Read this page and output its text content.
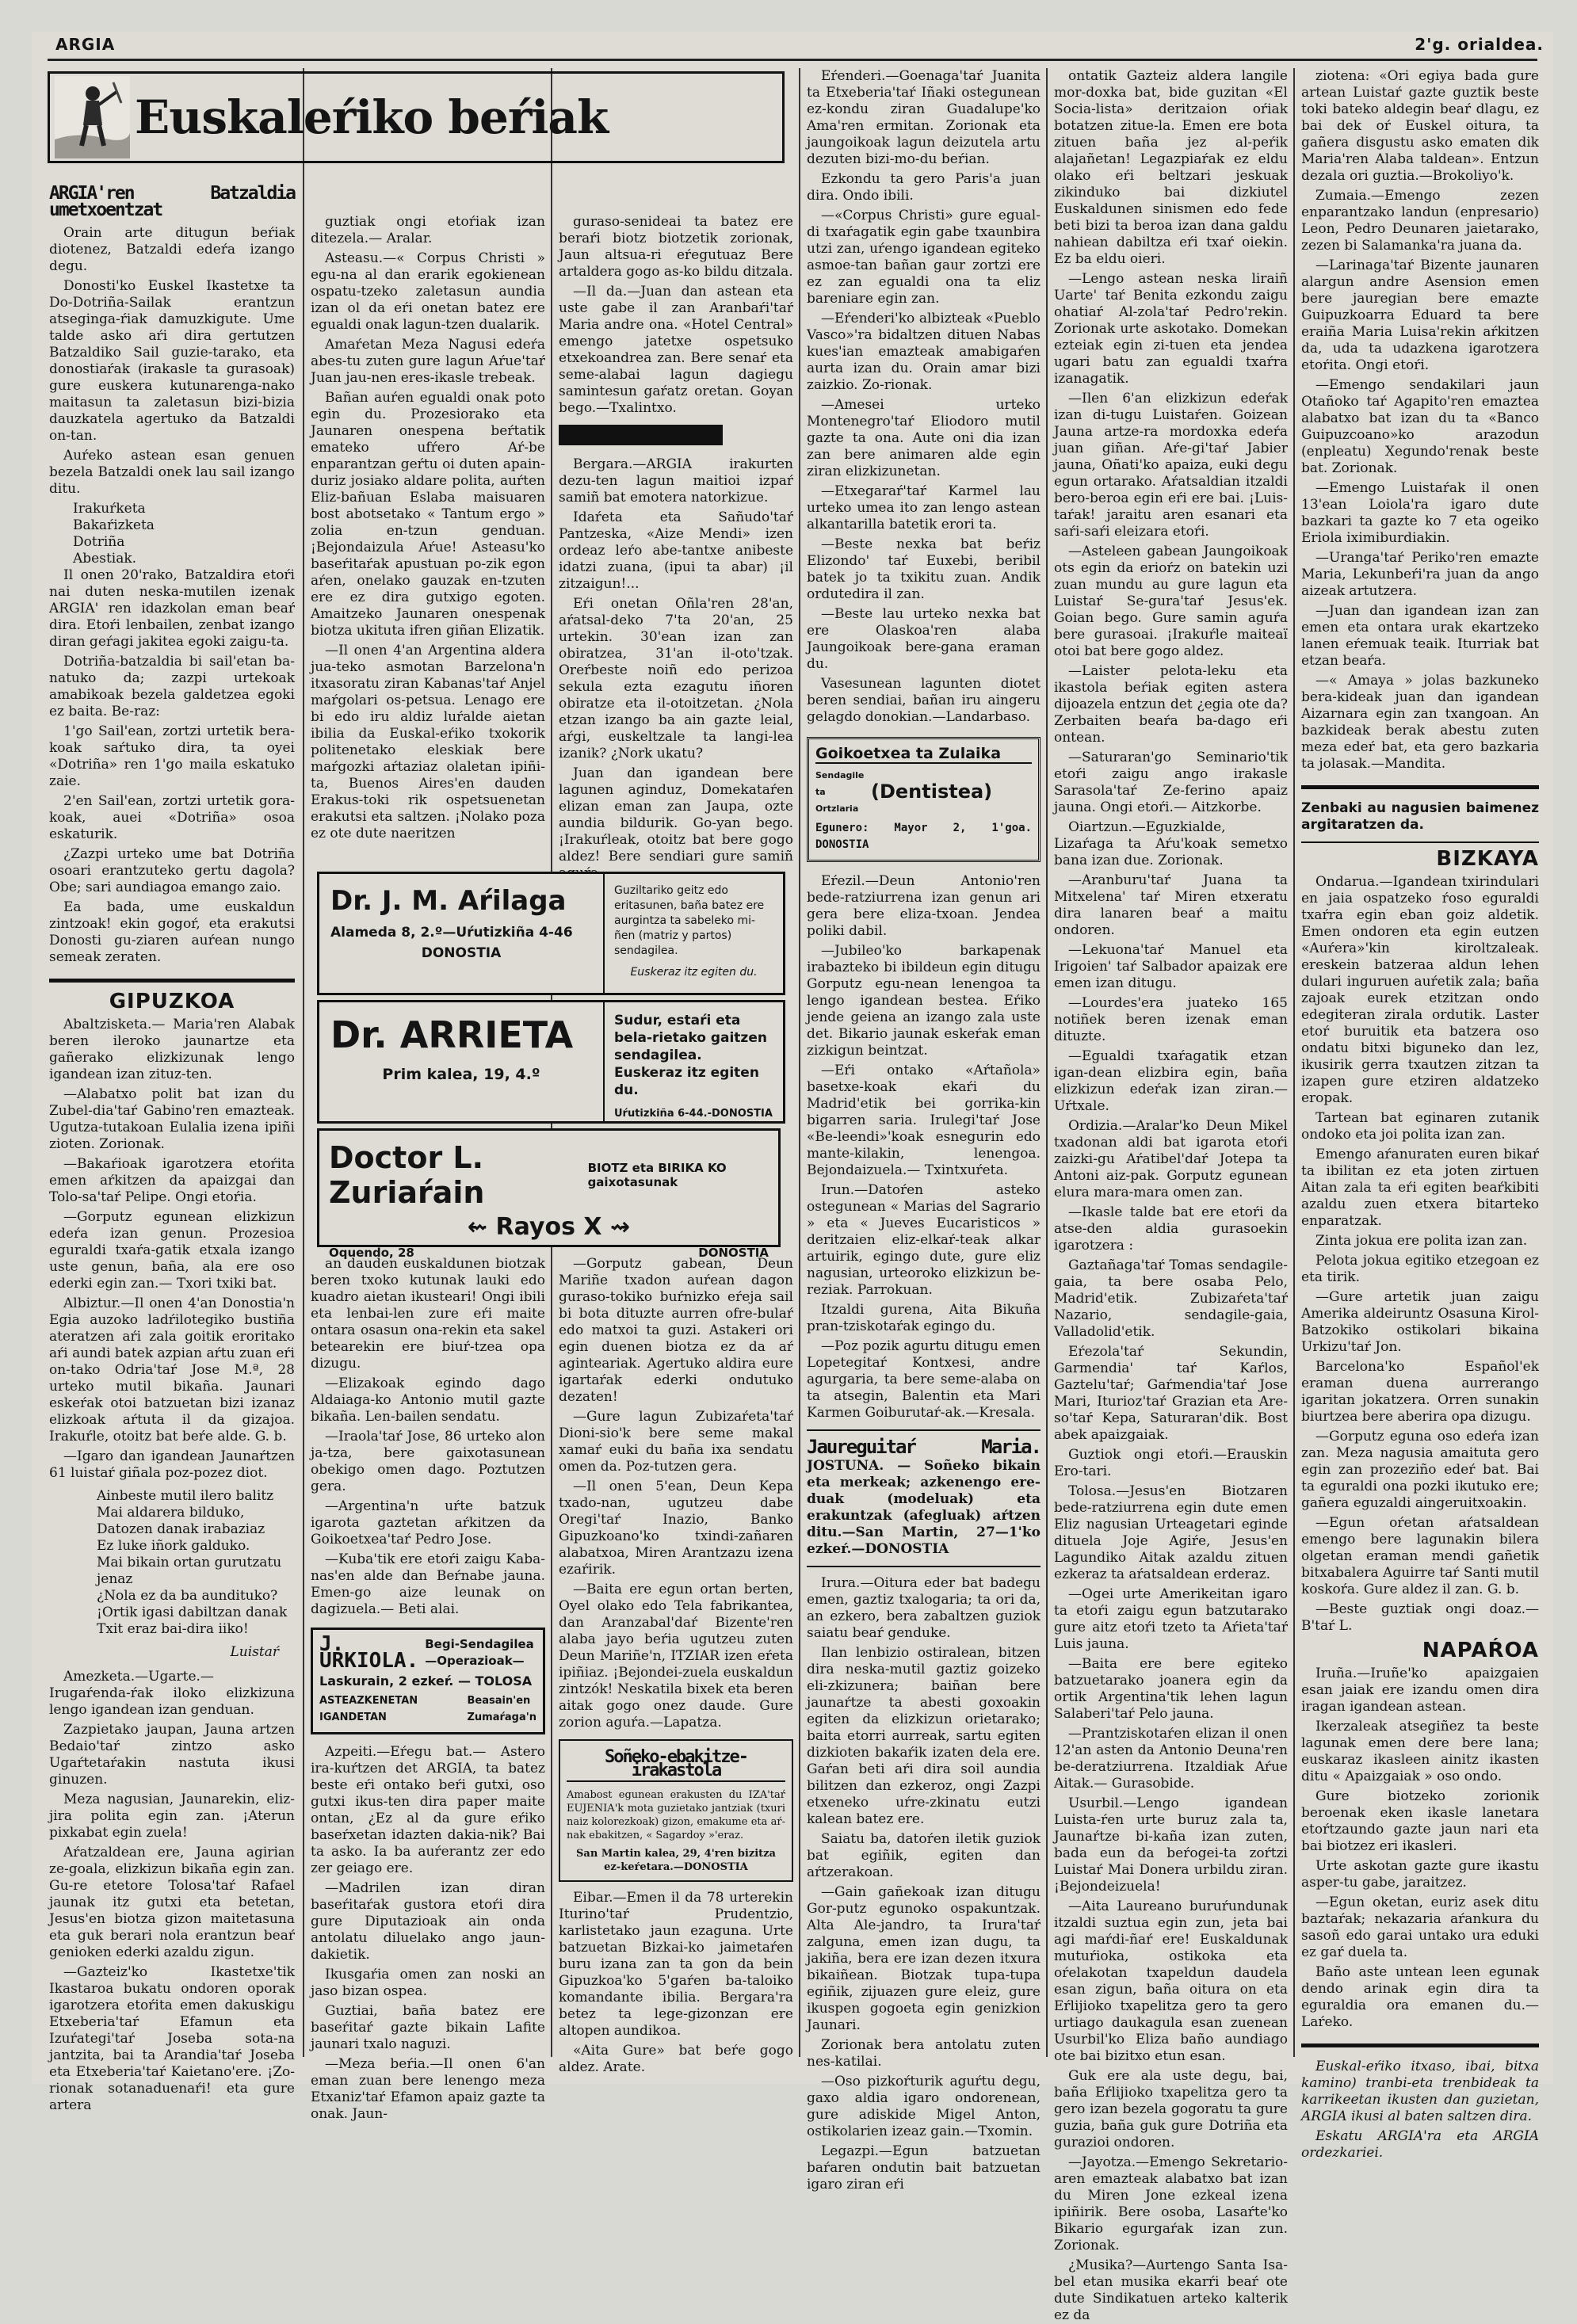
ARGIA	2'g. orialdea.
Euskaleŕiko beŕiak
ARGIA'ren Batzaldia umetxoentzat

Orain arte ditugun beŕiak diotenez, Batzaldi edeŕa izango degu.

Donosti'ko Euskel Ikastetxe ta Do-Dotriña-Sailak erantzun atseginga-ŕiak damuzkigute. Ume talde asko aŕi dira gertutzen Batzaldiko Sail guzie-tarako, eta donostiaŕak (irakasle ta gurasoak) gure euskera kutunarenga-nako maitasun ta zaletasun bizi-bizia dauzkatela agertuko da Batzaldi on-tan.

Auŕeko astean esan genuen bezela Batzaldi onek lau sail izango ditu.

Irakuŕketa
Bakaŕizketa
Dotriña
Abestiak.

Il onen 20'rako, Batzaldira etoŕi nai duten neska-mutilen izenak ARGIA' ren idazkolan eman beaŕ dira. Etoŕi lenbailen, zenbat izango diran geŕagi jakitea egoki zaigu-ta.

Dotriña-batzaldia bi sail'etan ba-natuko da; zazpi urtekoak amabikoak bezela galdetzea egoki ez baita. Be-raz:

1'go Sail'ean, zortzi urtetik bera-koak saŕtuko dira, ta oyei «Dotriña» ren 1'go maila eskatuko zaie.

2'en Sail'ean, zortzi urtetik gora-koak, auei «Dotriña» osoa eskaturik.

¿Zazpi urteko ume bat Dotriña osoari erantzuteko gertu dagola? Obe; sari aundiagoa emango zaio.

Ea bada, ume euskaldun zintzoak! ekin gogoŕ, eta erakutsi Donosti gu-ziaren auŕean nungo semeak zeraten.

GIPUZKOA

Abaltzisketa.— Maria'ren Alabak beren ileroko jaunartze eta gañerako elizkizunak lengo igandean izan zituz-ten.

—Alabatxo polit bat izan du Zubel-dia'taŕ Gabino'ren emazteak. Ugutza-tutakoan Eulalia izena ipiñi zioten. Zorionak.

—Bakaŕioak igarotzera etoŕita emen aŕkitzen da apaizgai dan Tolo-sa'taŕ Pelipe. Ongi etoŕia.

—Gorputz egunean elizkizun edeŕa izan genun. Prozesioa eguraldi txaŕa-gatik etxala izango uste genun, baña, ala ere oso ederki egin zan.— Txori txiki bat.

Albiztur.—Il onen 4'an Donostia'n Egia auzoko ladŕilotegiko bustiña ateratzen aŕi zala goitik eroritako aŕi aundi batek azpian aŕtu zuan eŕi on-tako Odria'taŕ Jose M.ª, 28 urteko mutil bikaña. Jaunari eskeŕak otoi batzuetan bizi izanaz elizkoak aŕtuta il da gizajoa. Irakuŕle, otoitz bat beŕe alde. G. b.

—Igaro dan igandean Jaunaŕtzen 61 luistaŕ giñala poz-pozez diot.

Ainbeste mutil ilero balitz
Mai aldarera bilduko,
Datozen danak irabaziaz
Ez luke iñork galduko.
Mai bikain ortan gurutzatu jenaz
¿Nola ez da ba aundituko?
¡Ortik igasi dabiltzan danak
Txit eraz bai-dira iiko!
Luistaŕ

Amezketa.—Ugarte.—Irugaŕenda-ŕak iloko elizkizuna lengo igandean izan genduan.

Zazpietako jaupan, Jauna artzen Bedaio'taŕ zintzo asko Ugaŕtetaŕakin nastuta ikusi ginuzen.

Meza nagusian, Jaunarekin, eliz-jira polita egin zan. ¡Aterun pixkabat egin zuela!

Aŕatzaldean ere, Jauna agirian ze-goala, elizkizun bikaña egin zan. Gu-re etetore Tolosa'taŕ Rafael jaunak itz gutxi eta betetan, Jesus'en biotza gizon maitetasuna eta guk berari nola erantzun beaŕ genioken ederki azaldu zigun.

—Gazteiz'ko Ikastetxe'tik Ikastaroa bukatu ondoren oporak igarotzera etoŕita emen dakuskigu Etxeberia'taŕ Efamun eta Izuŕategi'taŕ Joseba sota-na jantzita, bai ta Arandia'taŕ Joseba eta Etxeberia'taŕ Kaietano'ere. ¡Zo-rionak sotanaduenaŕi! eta gure artera

guztiak ongi etoŕiak izan ditezela.— Aralar.

Asteasu.—« Corpus Christi » egu-na al dan erarik egokienean ospatu-tzeko zaletasun aundia izan ol da eŕi onetan batez ere egualdi onak lagun-tzen dualarik.

Amaŕetan Meza Nagusi edeŕa abes-tu zuten gure lagun Aŕue'taŕ Juan jau-nen eres-ikasle trebeak.

Bañan auŕen egualdi onak poto egin du. Prozesiorako eta Jaunaren onespena beŕtatik emateko ufŕero Aŕ-be enparantzan geŕtu oi duten apain-duriz josiako aldare polita, auŕten Eliz-bañuan Eslaba maisuaren bost abotsetako « Tantum ergo » zolia en-tzun genduan. ¡Bejondaizula Aŕue! Asteasu'ko baseŕitaŕak apustuan po-zik egon aŕen, onelako gauzak en-tzuten ere ez dira gutxigo egoten. Amaitzeko Jaunaren onespenak biotza ukituta ifren giñan Elizatik.

—Il onen 4'an Argentina aldera jua-teko asmotan Barzelona'n itxasoratu ziran Kabanas'taŕ Anjel maŕgolari os-petsua. Lenago ere bi edo iru aldiz luŕalde aietan ibilia da Euskal-eŕiko txokorik politenetako eleskiak bere maŕgozki aŕtaziaz olaletan ipiñi-ta, Buenos Aires'en dauden Erakus-toki rik ospetsuenetan erakutsi eta saltzen. ¡Nolako poza ez ote dute naeritzen

guraso-senideai ta batez ere beraŕi biotz biotzetik zorionak, Jaun altsua-ri eŕegutuaz Bere artaldera gogo as-ko bildu ditzala.

—Il da.—Juan dan astean eta uste gabe il zan Aranbaŕi'taŕ Maria andre ona. «Hotel Central» emengo jatetxe ospetsuko etxekoandrea zan. Bere senaŕ eta seme-alabai lagun dagiegu samintesun gaŕatz oretan. Goyan bego.—Txalintxo.

Bergara.—ARGIA irakurten dezu-ten lagun maitioi izpaŕ samiñ bat emotera natorkizue.

Idaŕeta eta Sañudo'taŕ Pantzeska, «Aize Mendi» izen ordeaz leŕo abe-tantxe anibeste idatzi zuana, (ipui ta abar) ¡il zitzaigun!...

Eŕi onetan Oñla'ren 28'an, aŕatsal-deko 7'ta 20'an, 25 urtekin. 30'ean izan zan obiratzea, 31'an il-oto'tzak. Oreŕbeste noiñ edo perizoa sekula ezta ezagutu iñoren obiratze eta il-otoitzetan. ¿Nola etzan izango ba ain gazte leial, aŕgi, euskeltzale ta langi-lea izanik? ¿Nork ukatu?

Juan dan igandean bere lagunen aginduz, Domekataŕen elizan eman zan Jaupa, ozte aundia bildurik. Go-yan bego. ¡Irakuŕleak, otoitz bat bere gogo aldez! Bere sendiari gure samiñ

Dr. J. M. Aŕilaga
Alameda 8, 2.º—Uŕutizkiña 4-46
DONOSTIA
Guziltariko geitz edo eritasunen, baña batez ere aurgintza ta sabeleko mi-ñen (matriz y partos) sendagilea.
Euskeraz itz egiten du.
Dr. ARRIETA
Prim kalea, 19, 4.º
Sudur, estaŕi eta bela-rietako gaitzen sendagilea. Euskeraz itz egiten du.
Uŕutizkiña 6-44.-DONOSTIA
Doctor L. Zuriaŕain
BIOTZ eta BIRIKA KO gaixotasunak
⇜ Rayos X ⇝
Oquendo, 28	DONOSTIA

an dauden euskaldunen biotzak beren txoko kutunak lauki edo kuadro aietan ikusteari! Ongi ibili eta lenbai-len zure eŕi maite ontara osasun ona-rekin eta sakel betearekin ere biuŕ-tzea opa dizugu.

—Elizakoak egindo dago Aldaiaga-ko Antonio mutil gazte bikaña. Len-bailen sendatu.

—Iraola'taŕ Jose, 86 urteko alon ja-tza, bere gaixotasunean obekigo omen dago. Poztutzen gera.

—Argentina'n uŕte batzuk igarota gaztetan aŕkitzen da Goikoetxea'taŕ Pedro Jose.

—Kuba'tik ere etoŕi zaigu Kaba-nas'en alde dan Beŕnabe jauna. Emen-go aize leunak on dagizuela.— Beti alai.

J. URKIOLA.
Begi-Sendagilea —Operazioak—
Laskurain, 2 ezkeŕ. — TOLOSA
ASTEAZKENETAN
IGANDETAN
Beasain'en
Zumaŕaga'n

Azpeiti.—Eŕegu bat.— Astero ira-kuŕtzen det ARGIA, ta batez beste eŕi ontako beŕi gutxi, oso gutxi ikus-ten dira paper maite ontan, ¿Ez al da gure eŕiko baseŕxetan idazten dakia-nik? Bai ta asko. Ia ba auŕerantz zer edo zer geiago ere.

—Madrilen izan diran baseŕitaŕak gustora etoŕi dira gure Diputazioak ain onda antolatu diluelako ango jaun-dakietik.

Ikusgaŕia omen zan noski an jaso bizan ospea.

Guztiai, baña batez ere baseŕitaŕ gazte bikain Lafite jaunari txalo naguzi.

—Meza beŕia.—Il onen 6'an eman zuan bere lenengo meza Etxaniz'taŕ Efamon apaiz gazte ta onak. Jaun-

—Gorputz gabean, Deun Mariñe txadon auŕean dagon guraso-tokiko buŕnizko eŕeja sail bi bota dituzte aurren ofre-bulaŕ edo matxoi ta guzi. Astakeri ori egin duenen biotza ez da aŕ aginteariak. Agertuko aldira eure igartaŕak ederki ondutuko dezaten!

—Gure lagun Zubizaŕeta'taŕ Dioni-sio'k bere seme makal xamaŕ euki du baña ixa sendatu omen da. Poz-tutzen gera.

—Il onen 5'ean, Deun Kepa txado-nan, ugutzeu dabe Oregi'taŕ Inazio, Banko Gipuzkoano'ko txindi-zañaren alabatxoa, Miren Arantzazu izena ezaŕirik.

—Baita ere egun ortan berten, Oyel olako edo Tela fabrikantea, dan Aranzabal'daŕ Bizente'ren alaba jayo beŕia ugutzeu zuten Deun Mariñe'n, ITZIAR izen eŕeta ipiñiaz. ¡Bejondei-zuela euskaldun zintzók! Neskatila bixek eta beren aitak gogo onez daude. Gure zorion aguŕa.—Lapatza.

Soñeko-ebakitze-irakastola
Amabost egunean erakusten du IZA'taŕ EUJENIA'k mota guzietako jantziak (txuri naiz kolorezkoak) gizon, emakume eta aŕ-nak ebakitzen, « Sagardoy »'eraz.
San Martin kalea, 29, 4'ren bizitza ez-keŕetara.—DONOSTIA

Eibar.—Emen il da 78 urterekin Iturino'taŕ Prudentzio, karlistetako jaun ezaguna. Urte batzuetan Bizkai-ko jaimetaŕen buru izana zan ta gon da bein Gipuzkoa'ko 5'gaŕen ba-taloiko komandante ibilia. Bergara'ra betez ta lege-gizonzan ere altopen aundikoa.

«Aita Gure» bat beŕe gogo aldez. Arate.

Eŕenderi.—Goenaga'taŕ Juanita ta Etxeberia'taŕ Iñaki ostegunean ez-kondu ziran Guadalupe'ko Ama'ren ermitan. Zorionak eta jaungoikoak lagun deizutela artu dezuten bizi-mo-du beŕian.

Ezkondu ta gero Paris'a juan dira. Ondo ibili.

—«Corpus Christi» gure egual-di txaŕagatik egin gabe txaunbira utzi zan, uŕengo igandean egiteko asmoe-tan bañan gaur zortzi ere ez zan egualdi ona ta eliz bareniare egin zan.

—Eŕenderi'ko albizteak «Pueblo Vasco»'ra bidaltzen dituen Nabas kues'ian emazteak amabigaŕen aurta izan du. Orain amar bizi zaizkio. Zo-rionak.

—Amesei urteko Montenegro'taŕ Eliodoro mutil gazte ta ona. Aute oni dia izan zan bere animaren alde egin ziran elizkizunetan.

—Etxegaraŕ'taŕ Karmel lau urteko umea ito zan lengo astean alkantarilla batetik erori ta.

—Beste nexka bat beŕiz Elizondo' taŕ Euxebi, beribil batek jo ta txikitu zuan. Andik ordutedira il zan.

—Beste lau urteko nexka bat ere Olaskoa'ren alaba Jaungoikoak bere-gana eraman du.

Vasesunean lagunten diotet beren sendiai, bañan iru aingeru gelagdo donokian.—Landarbaso.

Goikoetxea ta Zulaika
Sendagile ta Ortzlaria
(Dentistea)
Egunero: Mayor 2, 1'goa. DONOSTIA

Eŕezil.—Deun Antonio'ren bede-ratziurrena izan genun ari gera bere eliza-txoan. Jendea poliki dabil.

—Jubileo'ko barkapenak irabazteko bi ibildeun egin ditugu Gorputz egu-nean lenengoa ta lengo igandean bestea. Eŕiko jende geiena an izango zala uste det. Bikario jaunak eskeŕak eman zizkigun beintzat.

—Eŕi ontako «Aŕtañola» basetxe-koak ekaŕi du Madrid'etik bei gorrika-kin bigarren saria. Irulegi'taŕ Jose «Be-leendi»'koak esnegurin edo mante-kilakin, lenengoa. Bejondaizuela.— Txintxuŕeta.

Irun.—Datoŕen asteko ostegunean « Marias del Sagrario » eta « Jueves Eucaristicos » deritzaien eliz-elkaŕ-teak alkar artuirik, egingo dute, gure eliz nagusian, urteoroko elizkizun be-reziak. Parrokuan.

Itzaldi gurena, Aita Bikuña pran-tziskotaŕak egingo du.

—Poz pozik agurtu ditugu emen Lopetegitaŕ Kontxesi, andre agurgaria, ta bere seme-alaba on ta atsegin, Balentin eta Mari Karmen Goiburutaŕ-ak.—Kresala.

Jaureguitaŕ Maria. JOSTUNA. — Soñeko bikain eta merkeak; azkenengo ere-duak (modeluak) eta erakuntzak (afegluak) aŕtzen ditu.—San Martin, 27—1'ko ezkeŕ.—DONOSTIA

Irura.—Oitura eder bat badegu emen, gaztiz txalogaria; ta ori da, an ezkero, bera zabaltzen guziok saiatu beaŕ genduke.

Ilan lenbizio ostiralean, bitzen dira neska-mutil gaztiz goizeko eli-zkizunera; baiñan bere jaunaŕtze ta abesti goxoakin egiten da elizkizun orietarako; baita etorri aurreak, sartu egiten dizkioten bakaŕik izaten dela ere. Gaŕan beti aŕi dira soil aundia bilitzen dan ezkeroz, ongi Zazpi etxeneko uŕre-zkinatu eutzi kalean batez ere.

Saiatu ba, datoŕen iletik guziok bat egiñik, egiten dan aŕtzerakoan.

—Gain gañekoak izan ditugu Gor-putz egunoko ospakuntzak. Alta Ale-jandro, ta Irura'taŕ zalguna, emen izan dugu, ta jakiña, bera ere izan dezen itxura bikaiñean. Biotzak tupa-tupa egiñik, zijuazen gure eleiz, gure ikuspen gogoeta egin genizkion Jaunari.

Zorionak bera antolatu zuten nes-katilai.

—Oso pizkoŕturik aguŕtu degu, gaxo aldia igaro ondorenean, gure adiskide Migel Anton, ostikolarien izeaz gain.—Txomin.

Legazpi.—Egun batzuetan baŕaren ondutin bait batzuetan igaro ziran eŕi

ontatik Gazteiz aldera langile mor-doxka bat, bide guzitan «El Socia-lista» deritzaion oŕiak botatzen zitue-la. Emen ere bota zituen baña jez al-peŕik alajañetan! Legazpiaŕak ez eldu olako eŕi beltzari jeskuak zikinduko bai dizkiutel Euskaldunen sinismen edo fede beti bizi ta beroa izan dana galdu nahiean dabiltza eŕi txaŕ oiekin. Ez ba eldu oieri.

—Lengo astean neska liraiñ Uarte' taŕ Benita ezkondu zaigu ohatiaŕ Al-zola'taŕ Pedro'rekin. Zorionak urte askotako. Domekan ezteiak egin zi-tuen eta jendea ugari batu zan egualdi txaŕra izanagatik.

—Ilen 6'an elizkizun edeŕak izan di-tugu Luistaŕen. Goizean Jauna artze-ra mordoxka edeŕa juan giñan. Aŕe-gi'taŕ Jabier jauna, Oñati'ko apaiza, euki degu egun ortarako. Aŕatsaldian itzaldi bero-beroa egin eŕi ere bai. ¡Luis-taŕak! jaraitu aren esanari eta saŕi-saŕi eleizara etoŕi.

—Asteleen gabean Jaungoikoak ots egin da erioŕz on batekin uzi zuan mundu au gure lagun eta Luistaŕ Se-gura'taŕ Jesus'ek. Goian bego. Gure samin aguŕa bere gurasoai. ¡Irakuŕle maiteaï otoi bat bere gogo aldez.

—Laister pelota-leku eta ikastola beŕiak egiten astera dijoazela entzun det ¿egia ote da? Zerbaiten beaŕa ba-dago eŕi ontean.

—Saturaran'go Seminario'tik etoŕi zaigu ango irakasle Sarasola'taŕ Ze-ferino apaiz jauna. Ongi etoŕi.— Aitzkorbe.

Oiartzun.—Eguzkialde, Lizaŕaga ta Aŕu'koak semetxo bana izan due. Zorionak.

—Aranburu'taŕ Juana ta Mitxelena' taŕ Miren etxeratu dira lanaren beaŕ a maitu ondoren.

—Lekuona'taŕ Manuel eta Irigoien' taŕ Salbador apaizak ere emen izan ditugu.

—Lourdes'era juateko 165 notiñek beren izenak eman dituzte.

—Egualdi txaŕagatik etzan igan-dean elizbira egin, baña elizkizun edeŕak izan ziran.—Uŕtxale.

Ordizia.—Aralar'ko Deun Mikel txadonan aldi bat igarota etoŕi zaizki-gu Aŕatibel'daŕ Jotepa ta Antoni aiz-pak. Gorputz egunean elura mara-mara omen zan.

—Ikasle talde bat ere etoŕi da atse-den aldia gurasoekin igarotzera :

Gaztañaga'taŕ Tomas sendagile-gaia, ta bere osaba Pelo, Madrid'etik. Zubizaŕeta'taŕ Nazario, sendagile-gaia, Valladolid'etik.

Eŕezola'taŕ Sekundin, Garmendia' taŕ Kaŕlos, Gaztelu'taŕ; Gaŕmendia'taŕ Jose Mari, Iturioz'taŕ Grazian eta Are-so'taŕ Kepa, Saturaran'dik. Bost abek apaizgaiak.

Guztiok ongi etoŕi.—Erauskin Ero-tari.

Tolosa.—Jesus'en Biotzaren bede-ratziurrena egin dute emen Eliz nagusian Urteagetari eginde dituela Joje Agiŕe, Jesus'en Lagundiko Aitak azaldu zituen ezkeraz ta aŕatsaldean erderaz.

—Ogei urte Amerikeitan igaro ta etoŕi zaigu egun batzutarako gure aitz etoŕi tzeto ta Aŕieta'taŕ Luis jauna.

—Baita ere bere egiteko batzuetarako joanera egin da ortik Argentina'tik lehen lagun Salaberi'taŕ Pelo jauna.

—Prantziskotaŕen elizan il onen 12'an asten da Antonio Deuna'ren be-deratziurrena. Itzaldiak Aŕue Aitak.— Gurasobide.

Usurbil.—Lengo igandean Luista-ŕen urte buruz zala ta, Jaunaŕtze bi-kaña izan zuten, bada eun da beŕogei-ta zoŕtzi Luistaŕ Mai Donera urbildu ziran. ¡Bejondeizuela!

—Aita Laureano buruŕundunak itzaldi suztua egin zun, jeta bai agi maŕdi-ñaŕ ere! Euskaldunak mutuŕioka, ostikoka eta oŕelakotan txapeldun daudela esan zigun, baña oitura on eta Eŕlijioko txapelitza gero ta gero urtiago daukagula esan zuenean Usurbil'ko Eliza baño aundiago ote bai bizitxo etun esan.

Guk ere ala uste degu, bai, baña Eŕlijioko txapelitza gero ta gero izan bezela gogoratu ta gure guzia, baña guk gure Dotriña eta gurazioi ondoren.

—Jayotza.—Emengo Sekretario-aren emazteak alabatxo bat izan du Miren Jone ezkeal izena ipiñirik. Bere osoba, Lasaŕte'ko Bikario egurgaŕak izan zun. Zorionak.

¿Musika?—Aurtengo Santa Isa-bel etan musika ekarŕi beaŕ ote dute Sindikatuen arteko kalterik ez da

ziotena: «Ori egiya bada gure artean Luistaŕ gazte guztik beste toki bateko aldegin beaŕ dlagu, ez bai dek oŕ Euskel oitura, ta gañera disgustu asko ematen dik Maria'ren Alaba taldean». Entzun dezala ori guztia.—Brokoliyo'k.

Zumaia.—Emengo zezen enparantzako landun (enpresario) Leon, Pedro Deunaren jaietarako, zezen bi Salamanka'ra juana da.

—Larinaga'taŕ Bizente jaunaren alargun andre Asension emen bere jauregian bere emazte Guipuzkoarra Eduard ta bere eraiña Maria Luisa'rekin aŕkitzen da, uda ta udazkena igarotzera etoŕita. Ongi etoŕi.

—Emengo sendakilari jaun Otañoko taŕ Agapito'ren emaztea alabatxo bat izan du ta «Banco Guipuzcoano»ko arazodun (enpleatu) Xegundo'renak beste bat. Zorionak.

—Emengo Luistaŕak il onen 13'ean Loiola'ra igaro dute bazkari ta gazte ko 7 eta ogeiko Eriola iximiburdiakin.

—Uranga'taŕ Periko'ren emazte Maria, Lekunbeŕi'ra juan da ango aizeak artutzera.

—Juan dan igandean izan zan emen eta ontara urak ekartzeko lanen eŕemuak teaik. Iturriak bat etzan beaŕa.

—« Amaya » jolas bazkuneko bera-kideak juan dan igandean Aizarnara egin zan txangoan. An bazkideak berak abestu zuten meza edeŕ bat, eta gero bazkaria ta jolasak.—Mandita.

Zenbaki au nagusien baimenez argitaratzen da.
BIZKAYA

Ondarua.—Igandean txirindulari en jaia ospatzeko ŕoso eguraldi txaŕra egin eban goiz aldetik. Emen ondoren eta egin eutzen «Auŕera»'kin kiroltzaleak. ereskein batzeraa aldun lehen dulari inguruen auŕetik zala; baña zajoak eurek etzitzan ondo edegiteran zirala ordutik. Laster etoŕ buruitik eta batzera oso ondatu bitxi biguneko dan lez, ikusirik gerra txautzen zitzan ta izapen gure etziren aldatzeko eropak.

Tartean bat eginaren zutanik ondoko eta joi polita izan zan.

Emengo aŕanuraten euren bikaŕ ta ibilitan ez eta joten zirtuen Aitan zala ta eŕi egiten beaŕkibiti azaldu zuen etxera bitarteko enparatzak.

Zinta jokua ere polita izan zan.

Pelota jokua egitiko etzegoan ez eta tirik.

—Gure artetik juan zaigu Amerika aldeiruntz Osasuna Kirol-Batzokiko ostikolari bikaina Urkizu'taŕ Jon.

Barcelona'ko Español'ek eraman duena aurrerango igaritan jokatzera. Orren sunakin biurtzea bere aberira opa dizugu.

—Gorputz eguna oso edeŕa izan zan. Meza nagusia amaituta gero egin zan prozeziño edeŕ bat. Bai ta eguraldi ona pozki ikutuko ere; gañera eguzaldi aingeruitxoakin.

—Egun oŕetan aŕatsaldean emengo bere lagunakin bilera olgetan eraman mendi gañetik bitxabalera Aguirre taŕ Santi mutil koskoŕa. Gure aldez il zan. G. b.

—Beste guztiak ongi doaz.—B'taŕ L.

NAPAŔOA

Iruña.—Iruñe'ko apaizgaien esan jaiak ere izandu omen dira iragan igandean astean.

Ikerzaleak atsegiñez ta beste lagunak emen dere bere lana; euskaraz ikasleen ainitz ikasten ditu « Apaizgaiak » oso ondo.

Gure biotzeko zorionik beroenak eken ikasle lanetara etoŕtzaundo gazte jaun nari eta bai biotzez eri ikasleri.

Urte askotan gazte gure ikastu asper-tu gabe, jaraitzez.

—Egun oketan, euriz asek ditu baztaŕak; nekazaria aŕankura du sasoñ edo garai untako ura eduki ez gaŕ duela ta.

Baño aste untean leen egunak dendo arinak egin dira ta eguraldia ora emanen du.—Laŕeko.

Euskal-eŕiko itxaso, ibai, bitxa kamino) tranbi-eta trenbideak ta karrikeetan ikusten dan guzietan, ARGIA ikusi al baten saltzen dira.

Eskatu ARGIA'ra eta ARGIA ordezkariei.
